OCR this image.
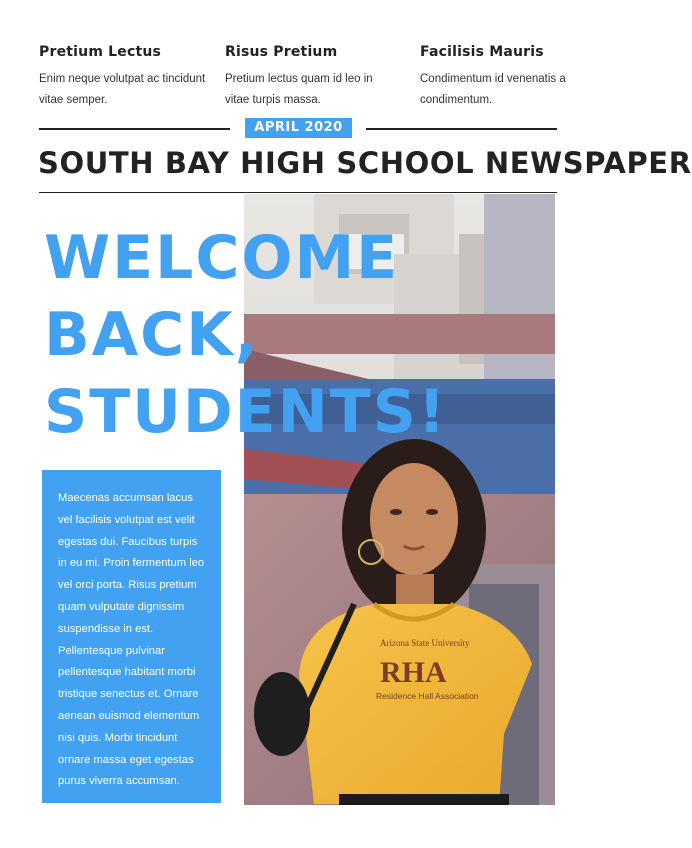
Pretium Lectus

Enim neque volutpat ac tincidunt vitae semper.

Risus Pretium

Pretium lectus quam id leo in vitae turpis massa.

Facilisis Mauris

Condimentum id venenatis a condimentum.

APRIL 2020
SOUTH BAY HIGH SCHOOL NEWSPAPER
Arizona State University
RHA
Residence Hall Association
WELCOME
BACK,
STUDENTS!

Maecenas accumsan lacus vel facilisis volutpat est velit egestas dui. Faucibus turpis in eu mi. Proin fermentum leo vel orci porta. Risus pretium quam vulputate dignissim suspendisse in est. Pellentesque pulvinar pellentesque habitant morbi tristique senectus et. Ornare aenean euismod elementum nisi quis. Morbi tincidunt ornare massa eget egestas purus viverra accumsan.
